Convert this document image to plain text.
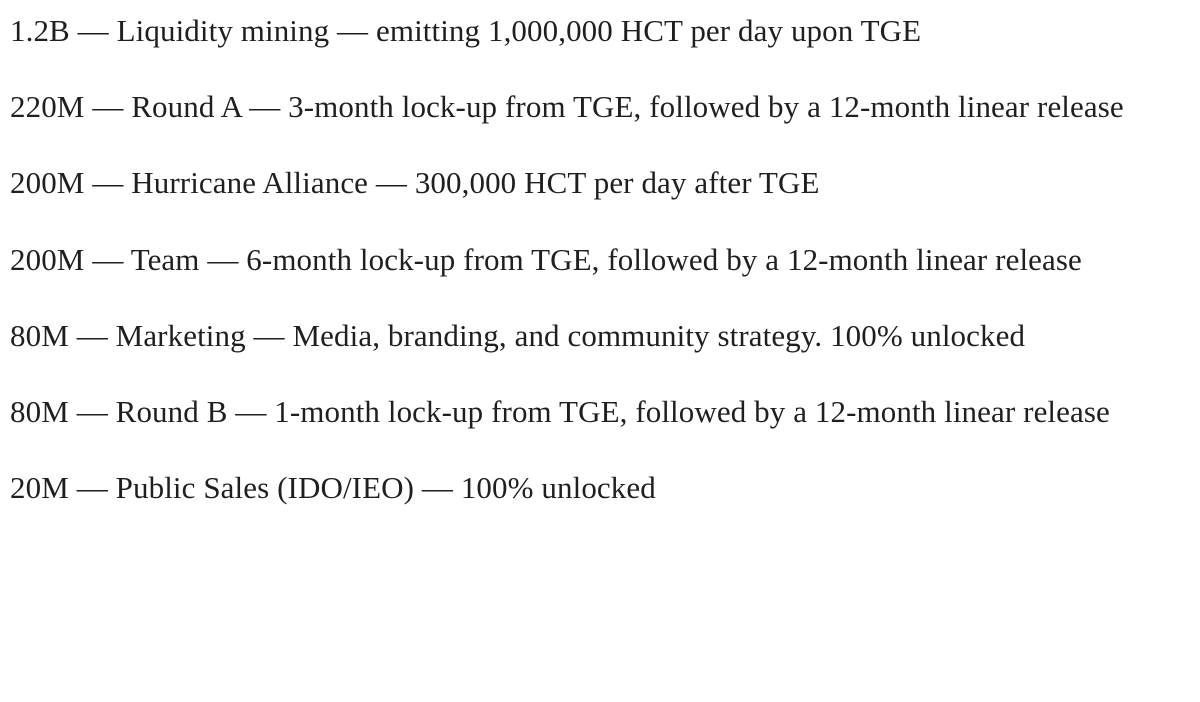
1.2B — Liquidity mining — emitting 1,000,000 HCT per day upon TGE

220M — Round A — 3-month lock-up from TGE, followed by a 12-month linear release

200M — Hurricane Alliance — 300,000 HCT per day after TGE

200M — Team — 6-month lock-up from TGE, followed by a 12-month linear release

80M — Marketing — Media, branding, and community strategy. 100% unlocked

80M — Round B — 1-month lock-up from TGE, followed by a 12-month linear release

20M — Public Sales (IDO/IEO) — 100% unlocked
